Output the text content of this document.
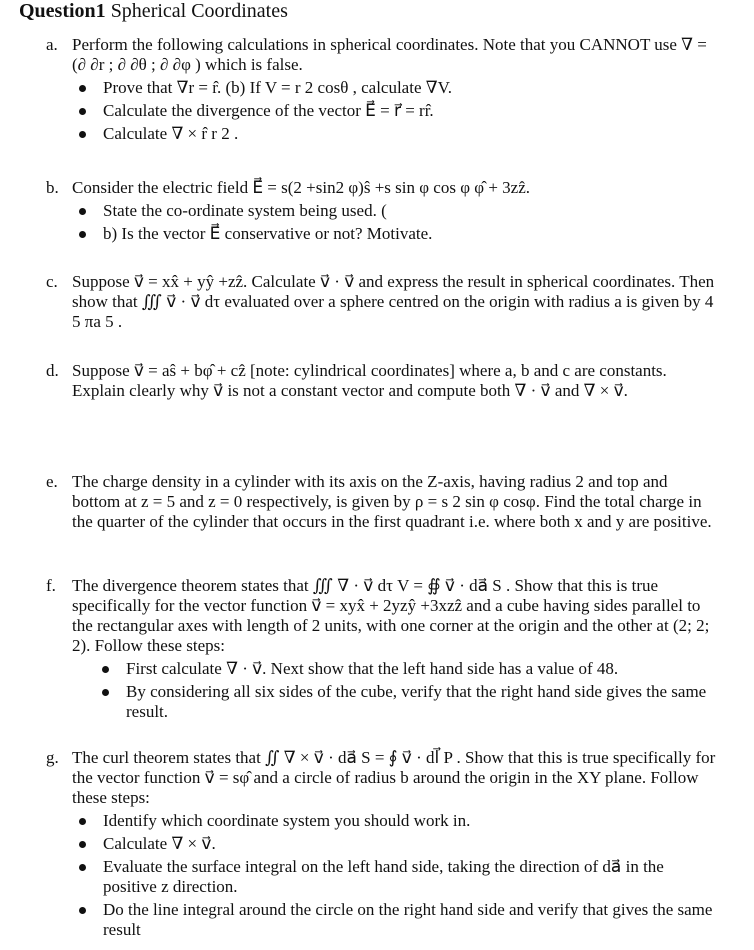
Question1 Spherical Coordinates
a. Perform the following calculations in spherical coordinates. Note that you CANNOT use ∇ = (∂ ∂r ; ∂ ∂θ ; ∂ ∂φ ) which is false.
Prove that ∇r = r̂. (b) If V = r 2 cosθ , calculate ∇V.
Calculate the divergence of the vector E⃗ = r⃗ = rr̂.
Calculate ∇ × r̂ r 2 .
b. Consider the electric field E⃗ = s(2 +sin2 φ)ŝ +s sin φ cos φ φ̂ + 3zẑ.
State the co-ordinate system being used. (
b) Is the vector E⃗ conservative or not? Motivate.
c. Suppose v⃗ = xx̂ + yŷ +zẑ. Calculate v⃗ · v⃗ and express the result in spherical coordinates. Then show that ∭ v⃗ · v⃗ dτ evaluated over a sphere centred on the origin with radius a is given by 4 5 πa 5 .
d. Suppose v⃗ = aŝ + bφ̂ + cẑ [note: cylindrical coordinates] where a, b and c are constants. Explain clearly why v⃗ is not a constant vector and compute both ∇ · v⃗ and ∇ × v⃗.
e. The charge density in a cylinder with its axis on the Z-axis, having radius 2 and top and bottom at z = 5 and z = 0 respectively, is given by ρ = s 2 sin φ cosφ. Find the total charge in the quarter of the cylinder that occurs in the first quadrant i.e. where both x and y are positive.
f. The divergence theorem states that ∭ ∇ · v⃗ dτ V = ∯ v⃗ · da⃗ S . Show that this is true specifically for the vector function v⃗ = xyx̂ + 2yzŷ +3xzẑ and a cube having sides parallel to the rectangular axes with length of 2 units, with one corner at the origin and the other at (2; 2; 2). Follow these steps:
First calculate ∇ · v⃗. Next show that the left hand side has a value of 48.
By considering all six sides of the cube, verify that the right hand side gives the same result.
g. The curl theorem states that ∬ ∇ × v⃗ · da⃗ S = ∮ v⃗ · dl⃗ P . Show that this is true specifically for the vector function v⃗ = sφ̂ and a circle of radius b around the origin in the XY plane. Follow these steps:
Identify which coordinate system you should work in.
Calculate ∇ × v⃗.
Evaluate the surface integral on the left hand side, taking the direction of da⃗ in the positive z direction.
Do the line integral around the circle on the right hand side and verify that gives the same result
